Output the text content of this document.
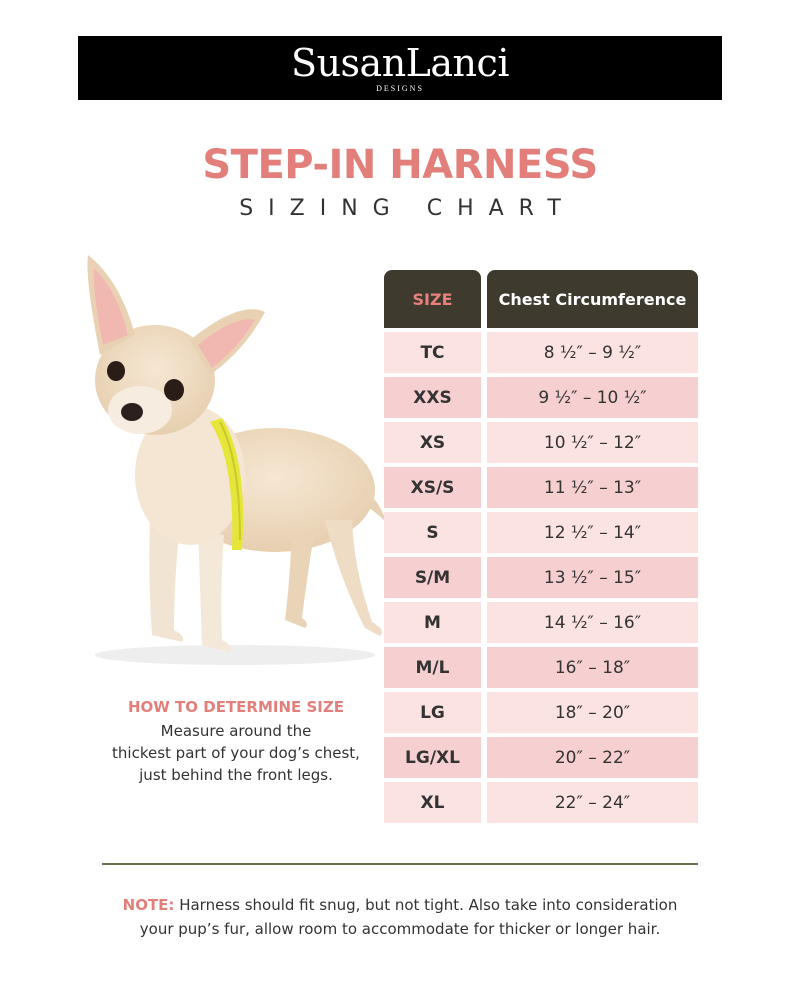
SusanLanci
DESIGNS
STEP-IN HARNESS
SIZING CHART
SIZE	Chest Circumference
TC	8 ½″ – 9 ½″
XXS	9 ½″ – 10 ½″
XS	10 ½″ – 12″
XS/S	11 ½″ – 13″
S	12 ½″ – 14″
S/M	13 ½″ – 15″
M	14 ½″ – 16″
M/L	16″ – 18″
LG	18″ – 20″
LG/XL	20″ – 22″
XL	22″ – 24″
HOW TO DETERMINE SIZE
Measure around the
thickest part of your dog’s chest,
just behind the front legs.
NOTE: Harness should fit snug, but not tight. Also take into consideration
your pup’s fur, allow room to accommodate for thicker or longer hair.
